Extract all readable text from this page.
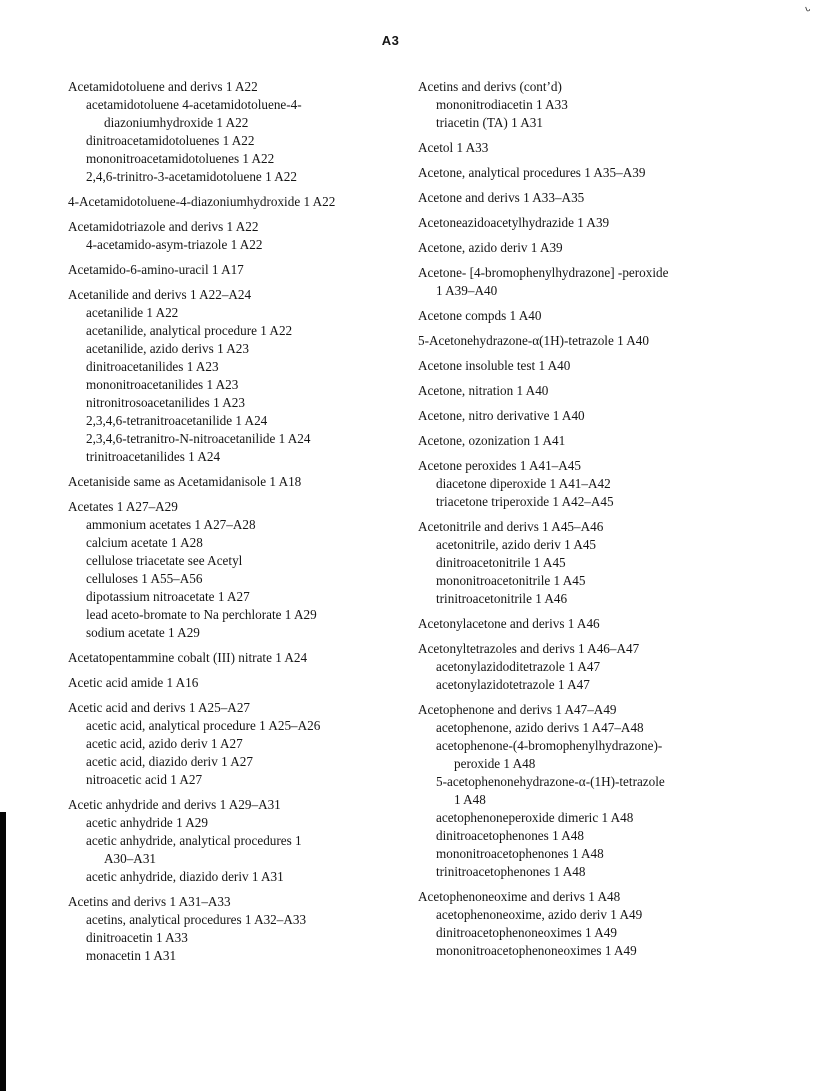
A3
ᒡ
Acetamidotoluene and derivs 1 A22
acetamidotoluene 4-acetamidotoluene-4-
diazoniumhydroxide 1 A22
dinitroacetamidotoluenes 1 A22
mononitroacetamidotoluenes 1 A22
2,4,6-trinitro-3-acetamidotoluene 1 A22
4-Acetamidotoluene-4-diazoniumhydroxide 1 A22
Acetamidotriazole and derivs 1 A22
4-acetamido-asym-triazole 1 A22
Acetamido-6-amino-uracil 1 A17
Acetanilide and derivs 1 A22–A24
acetanilide 1 A22
acetanilide, analytical procedure 1 A22
acetanilide, azido derivs 1 A23
dinitroacetanilides 1 A23
mononitroacetanilides 1 A23
nitronitrosoacetanilides 1 A23
2,3,4,6-tetranitroacetanilide 1 A24
2,3,4,6-tetranitro-N-nitroacetanilide 1 A24
trinitroacetanilides 1 A24
Acetaniside same as Acetamidanisole 1 A18
Acetates 1 A27–A29
ammonium acetates 1 A27–A28
calcium acetate 1 A28
cellulose triacetate see Acetyl
celluloses 1 A55–A56
dipotassium nitroacetate 1 A27
lead aceto-bromate to Na perchlorate 1 A29
sodium acetate 1 A29
Acetatopentammine cobalt (III) nitrate 1 A24
Acetic acid amide 1 A16
Acetic acid and derivs 1 A25–A27
acetic acid, analytical procedure 1 A25–A26
acetic acid, azido deriv 1 A27
acetic acid, diazido deriv 1 A27
nitroacetic acid 1 A27
Acetic anhydride and derivs 1 A29–A31
acetic anhydride 1 A29
acetic anhydride, analytical procedures 1
A30–A31
acetic anhydride, diazido deriv 1 A31
Acetins and derivs 1 A31–A33
acetins, analytical procedures 1 A32–A33
dinitroacetin 1 A33
monacetin 1 A31
Acetins and derivs (cont’d)
mononitrodiacetin 1 A33
triacetin (TA) 1 A31
Acetol 1 A33
Acetone, analytical procedures 1 A35–A39
Acetone and derivs 1 A33–A35
Acetoneazidoacetylhydrazide 1 A39
Acetone, azido deriv 1 A39
Acetone- [4-bromophenylhydrazone] -peroxide
1 A39–A40
Acetone compds 1 A40
5-Acetonehydrazone-α(1H)-tetrazole 1 A40
Acetone insoluble test 1 A40
Acetone, nitration 1 A40
Acetone, nitro derivative 1 A40
Acetone, ozonization 1 A41
Acetone peroxides 1 A41–A45
diacetone diperoxide 1 A41–A42
triacetone triperoxide 1 A42–A45
Acetonitrile and derivs 1 A45–A46
acetonitrile, azido deriv 1 A45
dinitroacetonitrile 1 A45
mononitroacetonitrile 1 A45
trinitroacetonitrile 1 A46
Acetonylacetone and derivs 1 A46
Acetonyltetrazoles and derivs 1 A46–A47
acetonylazidoditetrazole 1 A47
acetonylazidotetrazole 1 A47
Acetophenone and derivs 1 A47–A49
acetophenone, azido derivs 1 A47–A48
acetophenone-(4-bromophenylhydrazone)-
peroxide 1 A48
5-acetophenonehydrazone-α-(1H)-tetrazole
1 A48
acetophenoneperoxide dimeric 1 A48
dinitroacetophenones 1 A48
mononitroacetophenones 1 A48
trinitroacetophenones 1 A48
Acetophenoneoxime and derivs 1 A48
acetophenoneoxime, azido deriv 1 A49
dinitroacetophenoneoximes 1 A49
mononitroacetophenoneoximes 1 A49
